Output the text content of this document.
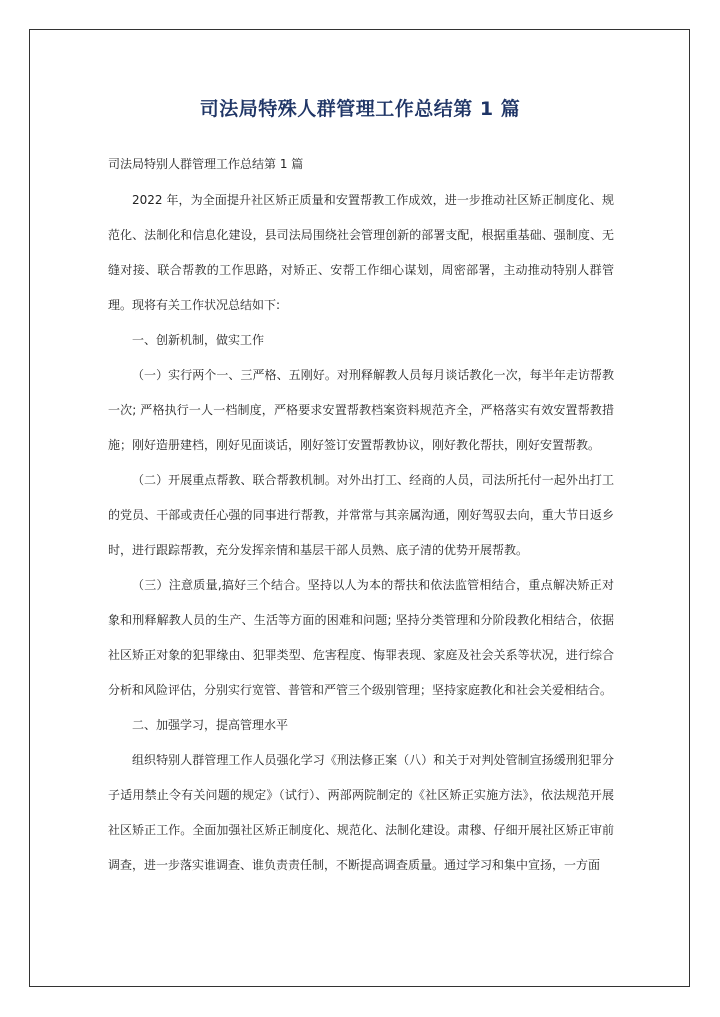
司法局特殊人群管理工作总结第 1 篇

司法局特别人群管理工作总结第 1 篇

2022 年，为全面提升社区矫正质量和安置帮教工作成效，进一步推动社区矫正制度化、规范化、法制化和信息化建设，县司法局围绕社会管理创新的部署支配，根据重基础、强制度、无缝对接、联合帮教的工作思路，对矫正、安帮工作细心谋划，周密部署，主动推动特别人群管理。现将有关工作状况总结如下:

一、创新机制，做实工作

（一）实行两个一、三严格、五刚好。对刑释解教人员每月谈话教化一次，每半年走访帮教一次; 严格执行一人一档制度，严格要求安置帮教档案资料规范齐全，严格落实有效安置帮教措施；刚好造册建档，刚好见面谈话，刚好签订安置帮教协议，刚好教化帮扶，刚好安置帮教。

（二）开展重点帮教、联合帮教机制。对外出打工、经商的人员，司法所托付一起外出打工的党员、干部或责任心强的同事进行帮教，并常常与其亲属沟通，刚好驾驭去向，重大节日返乡时，进行跟踪帮教，充分发挥亲情和基层干部人员熟、底子清的优势开展帮教。

（三）注意质量,搞好三个结合。坚持以人为本的帮扶和依法监管相结合，重点解决矫正对象和刑释解教人员的生产、生活等方面的困难和问题; 坚持分类管理和分阶段教化相结合，依据社区矫正对象的犯罪缘由、犯罪类型、危害程度、悔罪表现、家庭及社会关系等状况，进行综合分析和风险评估，分别实行宽管、普管和严管三个级别管理；坚持家庭教化和社会关爱相结合。

二、加强学习，提高管理水平

组织特别人群管理工作人员强化学习《刑法修正案（八）和关于对判处管制宣扬缓刑犯罪分子适用禁止令有关问题的规定》（试行）、两部两院制定的《社区矫正实施方法》，依法规范开展社区矫正工作。全面加强社区矫正制度化、规范化、法制化建设。肃穆、仔细开展社区矫正审前调查，进一步落实谁调查、谁负责责任制，不断提高调查质量。通过学习和集中宣扬，一方面
